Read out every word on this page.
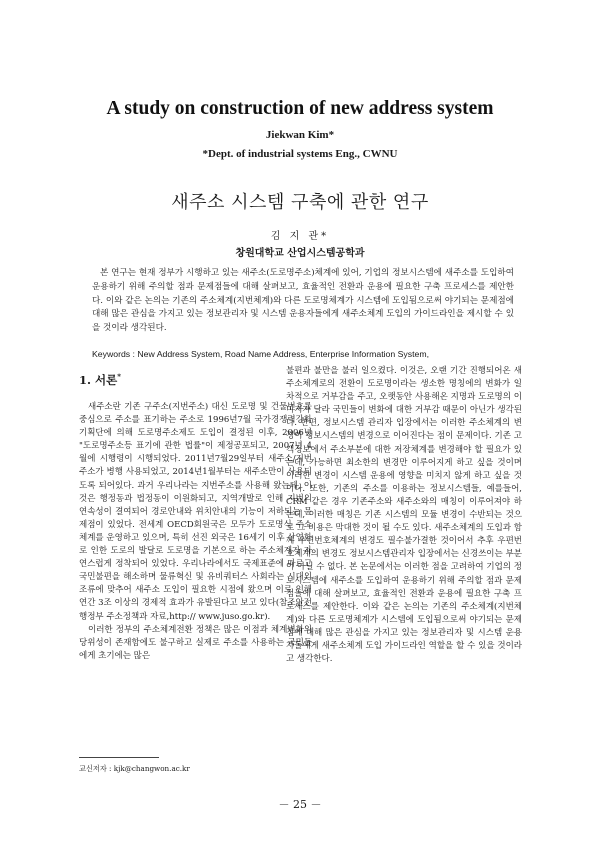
A study on construction of new address system
Jiekwan Kim*
*Dept. of industrial systems Eng., CWNU
새주소 시스템 구축에 관한 연구
김 지 관*
창원대학교 산업시스템공학과

본 연구는 현재 정부가 시행하고 있는 새주소(도로명주소)체계에 있어, 기업의 정보시스템에 새주소를 도입하여 운용하기 위해 주의할 점과 문제점들에 대해 살펴보고, 효율적인 전환과 운용에 필요한 구축 프로세스를 제안한다. 이와 같은 논의는 기존의 주소체계(지번체계)와 다른 도로명체계가 시스템에 도입됨으로써 야기되는 문제점에 대해 많은 관심을 가지고 있는 정보관리자 및 시스템 운용자들에게 새주소체계 도입의 가이드라인을 제시할 수 있을 것이라 생각된다.

Keywords : New Address System, Road Name Address, Enterprise Information System,
1. 서론*

새주소란 기존 구주소(지번주소) 대신 도로명 및 건물번호를 중심으로 주소를 표기하는 주소로 1996년7월 국가경쟁력강화기획단에 의해 도로명주소제도 도입이 결정된 이후, 2006년 "도로명주소등 표기에 관한 법률"이 제정공포되고, 2007년 4월에 시행령이 시행되었다. 2011년7월29일부터 새주소/지번주소가 병행 사용되었고, 2014년1월부터는 새주소만이 사용되도록 되어있다. 과거 우리나라는 지번주소를 사용해 왔는데, 이것은 행정동과 법정동이 이원화되고, 지역개발로 인해 지번의 연속성이 결여되어 경로안내와 위치안내의 기능이 저하되는 문제점이 있었다. 전세계 OECD회원국은 모두가 도로명식 주소체계를 운영하고 있으며, 특히 선진 외국은 16세기 이후 산업화로 인한 도로의 발달로 도로명을 기본으로 하는 주소체계가 자연스럽게 정착되어 있었다. 우리나라에서도 국제표준에 따르고 국민불편을 해소하며 물류혁신 및 유비쿼터스 사회라는 시대의 조류에 맞추어 새주소 도입이 필요한 시점에 왔으며 이로 인해 연간 3조 이상의 경제적 효과가 유발된다고 보고 있다(참조안전행정부 주소정책과 자료,http:// www.juso.go.kr).

이러한 정부의 주소체계전환 정책은 많은 이점과 체계변화의 당위성이 존재함에도 불구하고 실제로 주소를 사용하는 국민들에게 초기에는 많은

불편과 불만을 불러 일으켰다. 이것은, 오랜 기간 진행되어온 새주소체계로의 전환이 도로명이라는 생소한 명칭에의 변화가 일차적으로 거부감을 주고, 오랫동안 사용해온 지명과 도로명의 이미지가 달라 국민들이 변화에 대한 거부감 때문이 아닌가 생각된다. 한편, 정보시스템 관리자 입장에서는 이러한 주소체계의 변경이 정보시스템의 변경으로 이어진다는 점이 문제이다. 기존 고객정보에서 주소부분에 대한 저장체계를 변경해야 할 필요가 있는데, 가능하면 최소한의 변경만 이루어지게 하고 싶을 것이며 이러한 변경이 시스템 운용에 영향을 미치지 않게 하고 싶을 것이다. 또한, 기존의 주소를 이용하는 정보시스템들, 예를들어, CRM 같은 경우 기존주소와 새주소와의 매칭이 이루어져야 하는데, 이러한 매칭은 기존 시스템의 모듈 변경이 수반되는 것으로 그 비용은 막대한 것이 될 수도 있다. 새주소체계의 도입과 함께 우편번호체계의 변경도 필수불가결한 것이어서 추후 우편번호체계의 변경도 정보시스템관리자 입장에서는 신경쓰이는 부분이 아닐 수 없다. 본 논문에서는 이러한 점을 고려하여 기업의 정보시스템에 새주소를 도입하여 운용하기 위해 주의할 점과 문제점들에 대해 살펴보고, 효율적인 전환과 운용에 필요한 구축 프로세스를 제안한다. 이와 같은 논의는 기존의 주소체계(지번체계)와 다른 도로명체계가 시스템에 도입됨으로써 야기되는 문제점에 대해 많은 관심을 가지고 있는 정보관리자 및 시스템 운용자들에게 새주소체계 도입 가이드라인 역할을 할 수 있을 것이라고 생각한다.

교신저자 : kjk@changwon.ac.kr
－ 25 －
